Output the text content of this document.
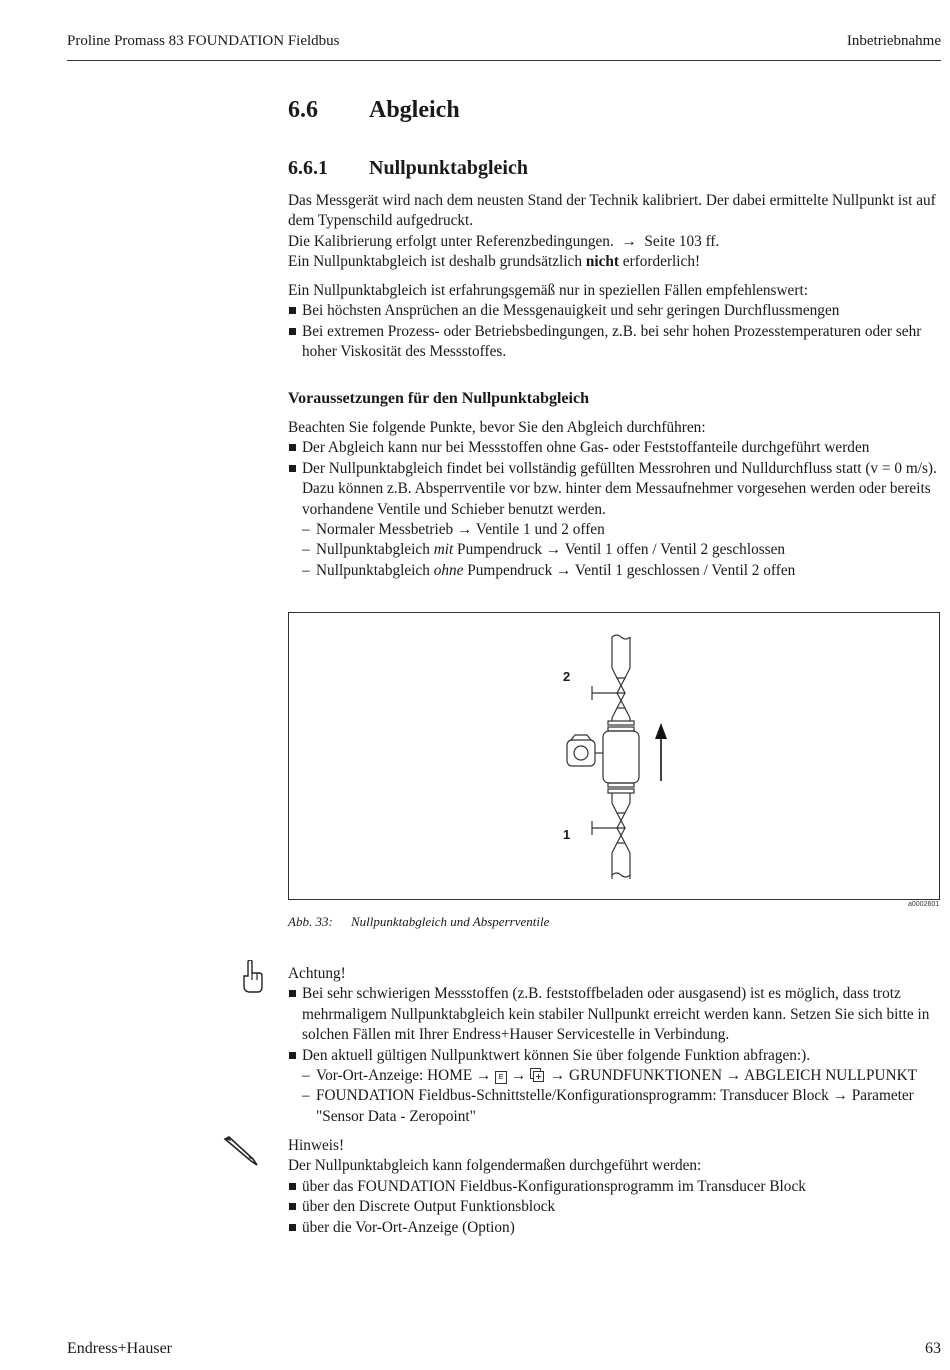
Proline Promass 83 FOUNDATION Fieldbus	Inbetriebnahme
6.6 Abgleich
6.6.1 Nullpunktabgleich

Das Messgerät wird nach dem neusten Stand der Technik kalibriert. Der dabei ermittelte Nullpunkt ist auf dem Typenschild aufgedruckt.

Die Kalibrierung erfolgt unter Referenzbedingungen. → Seite 103 ff.

Ein Nullpunktabgleich ist deshalb grundsätzlich nicht erforderlich!

Ein Nullpunktabgleich ist erfahrungsgemäß nur in speziellen Fällen empfehlenswert:

Bei höchsten Ansprüchen an die Messgenauigkeit und sehr geringen Durchflussmengen
Bei extremen Prozess- oder Betriebsbedingungen, z.B. bei sehr hohen Prozesstemperaturen oder sehr hoher Viskosität des Messstoffes.
Voraussetzungen für den Nullpunktabgleich

Beachten Sie folgende Punkte, bevor Sie den Abgleich durchführen:

Der Abgleich kann nur bei Messstoffen ohne Gas- oder Feststoffanteile durchgeführt werden
Der Nullpunktabgleich findet bei vollständig gefüllten Messrohren und Nulldurchfluss statt (v = 0 m/s). Dazu können z.B. Absperrventile vor bzw. hinter dem Messaufnehmer vorgesehen werden oder bereits vorhandene Ventile und Schieber benutzt werden.
– Normaler Messbetrieb → Ventile 1 und 2 offen
– Nullpunktabgleich mit Pumpendruck → Ventil 1 offen / Ventil 2 geschlossen
– Nullpunktabgleich ohne Pumpendruck → Ventil 1 geschlossen / Ventil 2 offen
2
1
a0002601
Abb. 33: Nullpunktabgleich und Absperrventile

Achtung!

Bei sehr schwierigen Messstoffen (z.B. feststoffbeladen oder ausgasend) ist es möglich, dass trotz mehrmaligem Nullpunktabgleich kein stabiler Nullpunkt erreicht werden kann. Setzen Sie sich bitte in solchen Fällen mit Ihrer Endress+Hauser Servicestelle in Verbindung.
Den aktuell gültigen Nullpunktwert können Sie über folgende Funktion abfragen:).
– Vor-Ort-Anzeige: HOME → E → → GRUNDFUNKTIONEN → ABGLEICH NULLPUNKT
– FOUNDATION Fieldbus-Schnittstelle/Konfigurationsprogramm: Transducer Block → Parameter "Sensor Data - Zeropoint"

Hinweis!

Der Nullpunktabgleich kann folgendermaßen durchgeführt werden:

über das FOUNDATION Fieldbus-Konfigurationsprogramm im Transducer Block
über den Discrete Output Funktionsblock
über die Vor-Ort-Anzeige (Option)
Endress+Hauser	63
